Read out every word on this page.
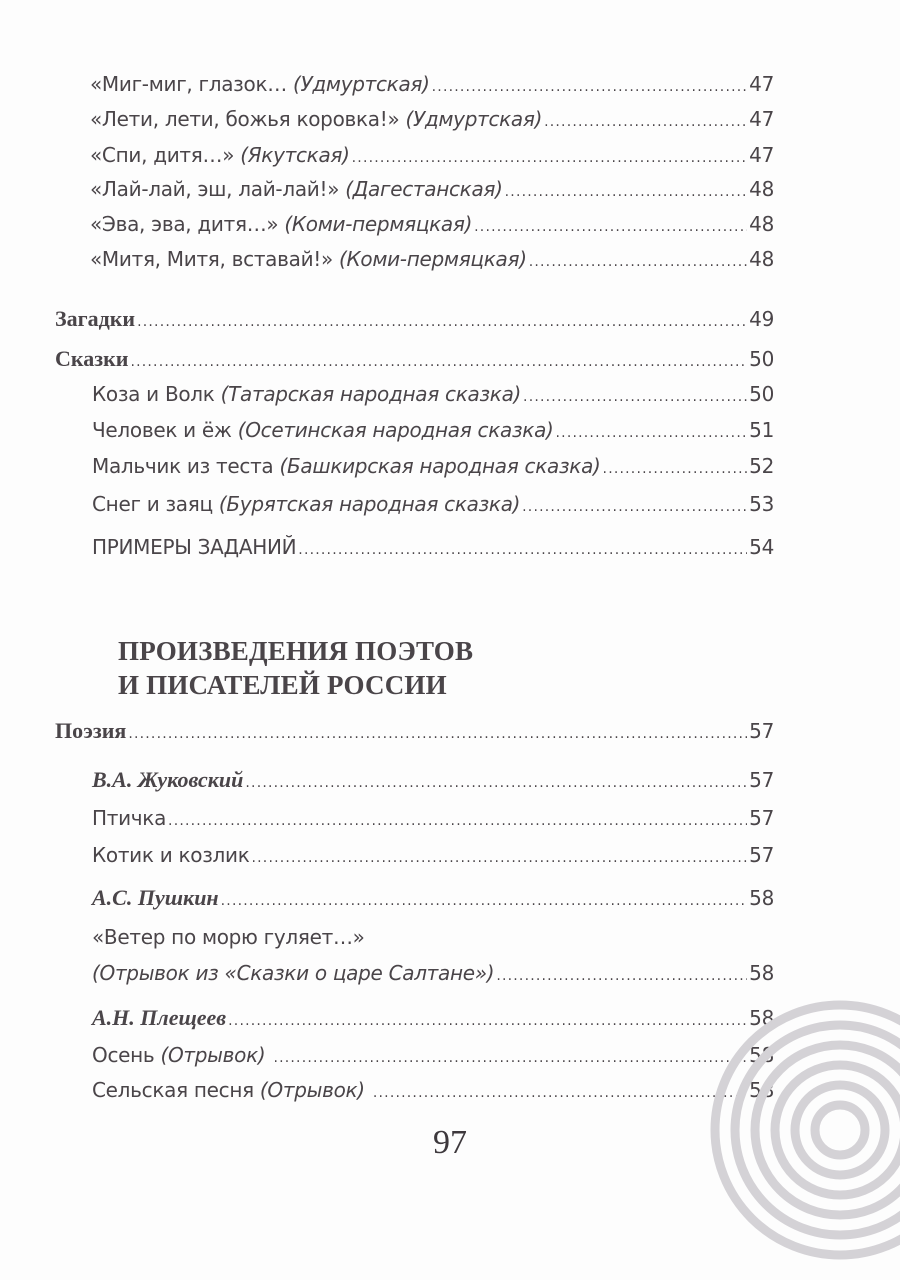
«Миг-миг, глазок…
(Удмуртская) .....	47
«Лети, лети, божья коровка!»
(Удмуртская) .....	47
«Спи, дитя…»
(Якутская) .....	47
«Лай-лай, эш, лай-лай!»
(Дагестанская) .....	48
«Эва, эва, дитя…»
(Коми-пермяцкая) .....	48
«Митя, Митя, вставай!»
(Коми-пермяцкая) .....	48
Загадки .....	49
Сказки .....	50
Коза и Волк
(Татарская народная сказка) .....	50
Человек и ёж
(Осетинская народная сказка) .....	51
Мальчик из теста
(Башкирская народная сказка) .....	52
Снег и заяц
(Бурятская народная сказка) .....	53
ПРИМЕРЫ ЗАДАНИЙ .....	54
ПРОИЗВЕДЕНИЯ ПОЭТОВ
И ПИСАТЕЛЕЙ РОССИИ
Поэзия .....	57
В.А. Жуковский .....	57
Птичка .....	57
Котик и козлик .....	57
А.С. Пушкин .....	58
«Ветер по морю гуляет…»
(Отрывок из «Сказки о царе Салтане») .....	58
А.Н. Плещеев .....	58
Осень
(Отрывок)
.....	58
Сельская песня
(Отрывок)
.....	58
97
